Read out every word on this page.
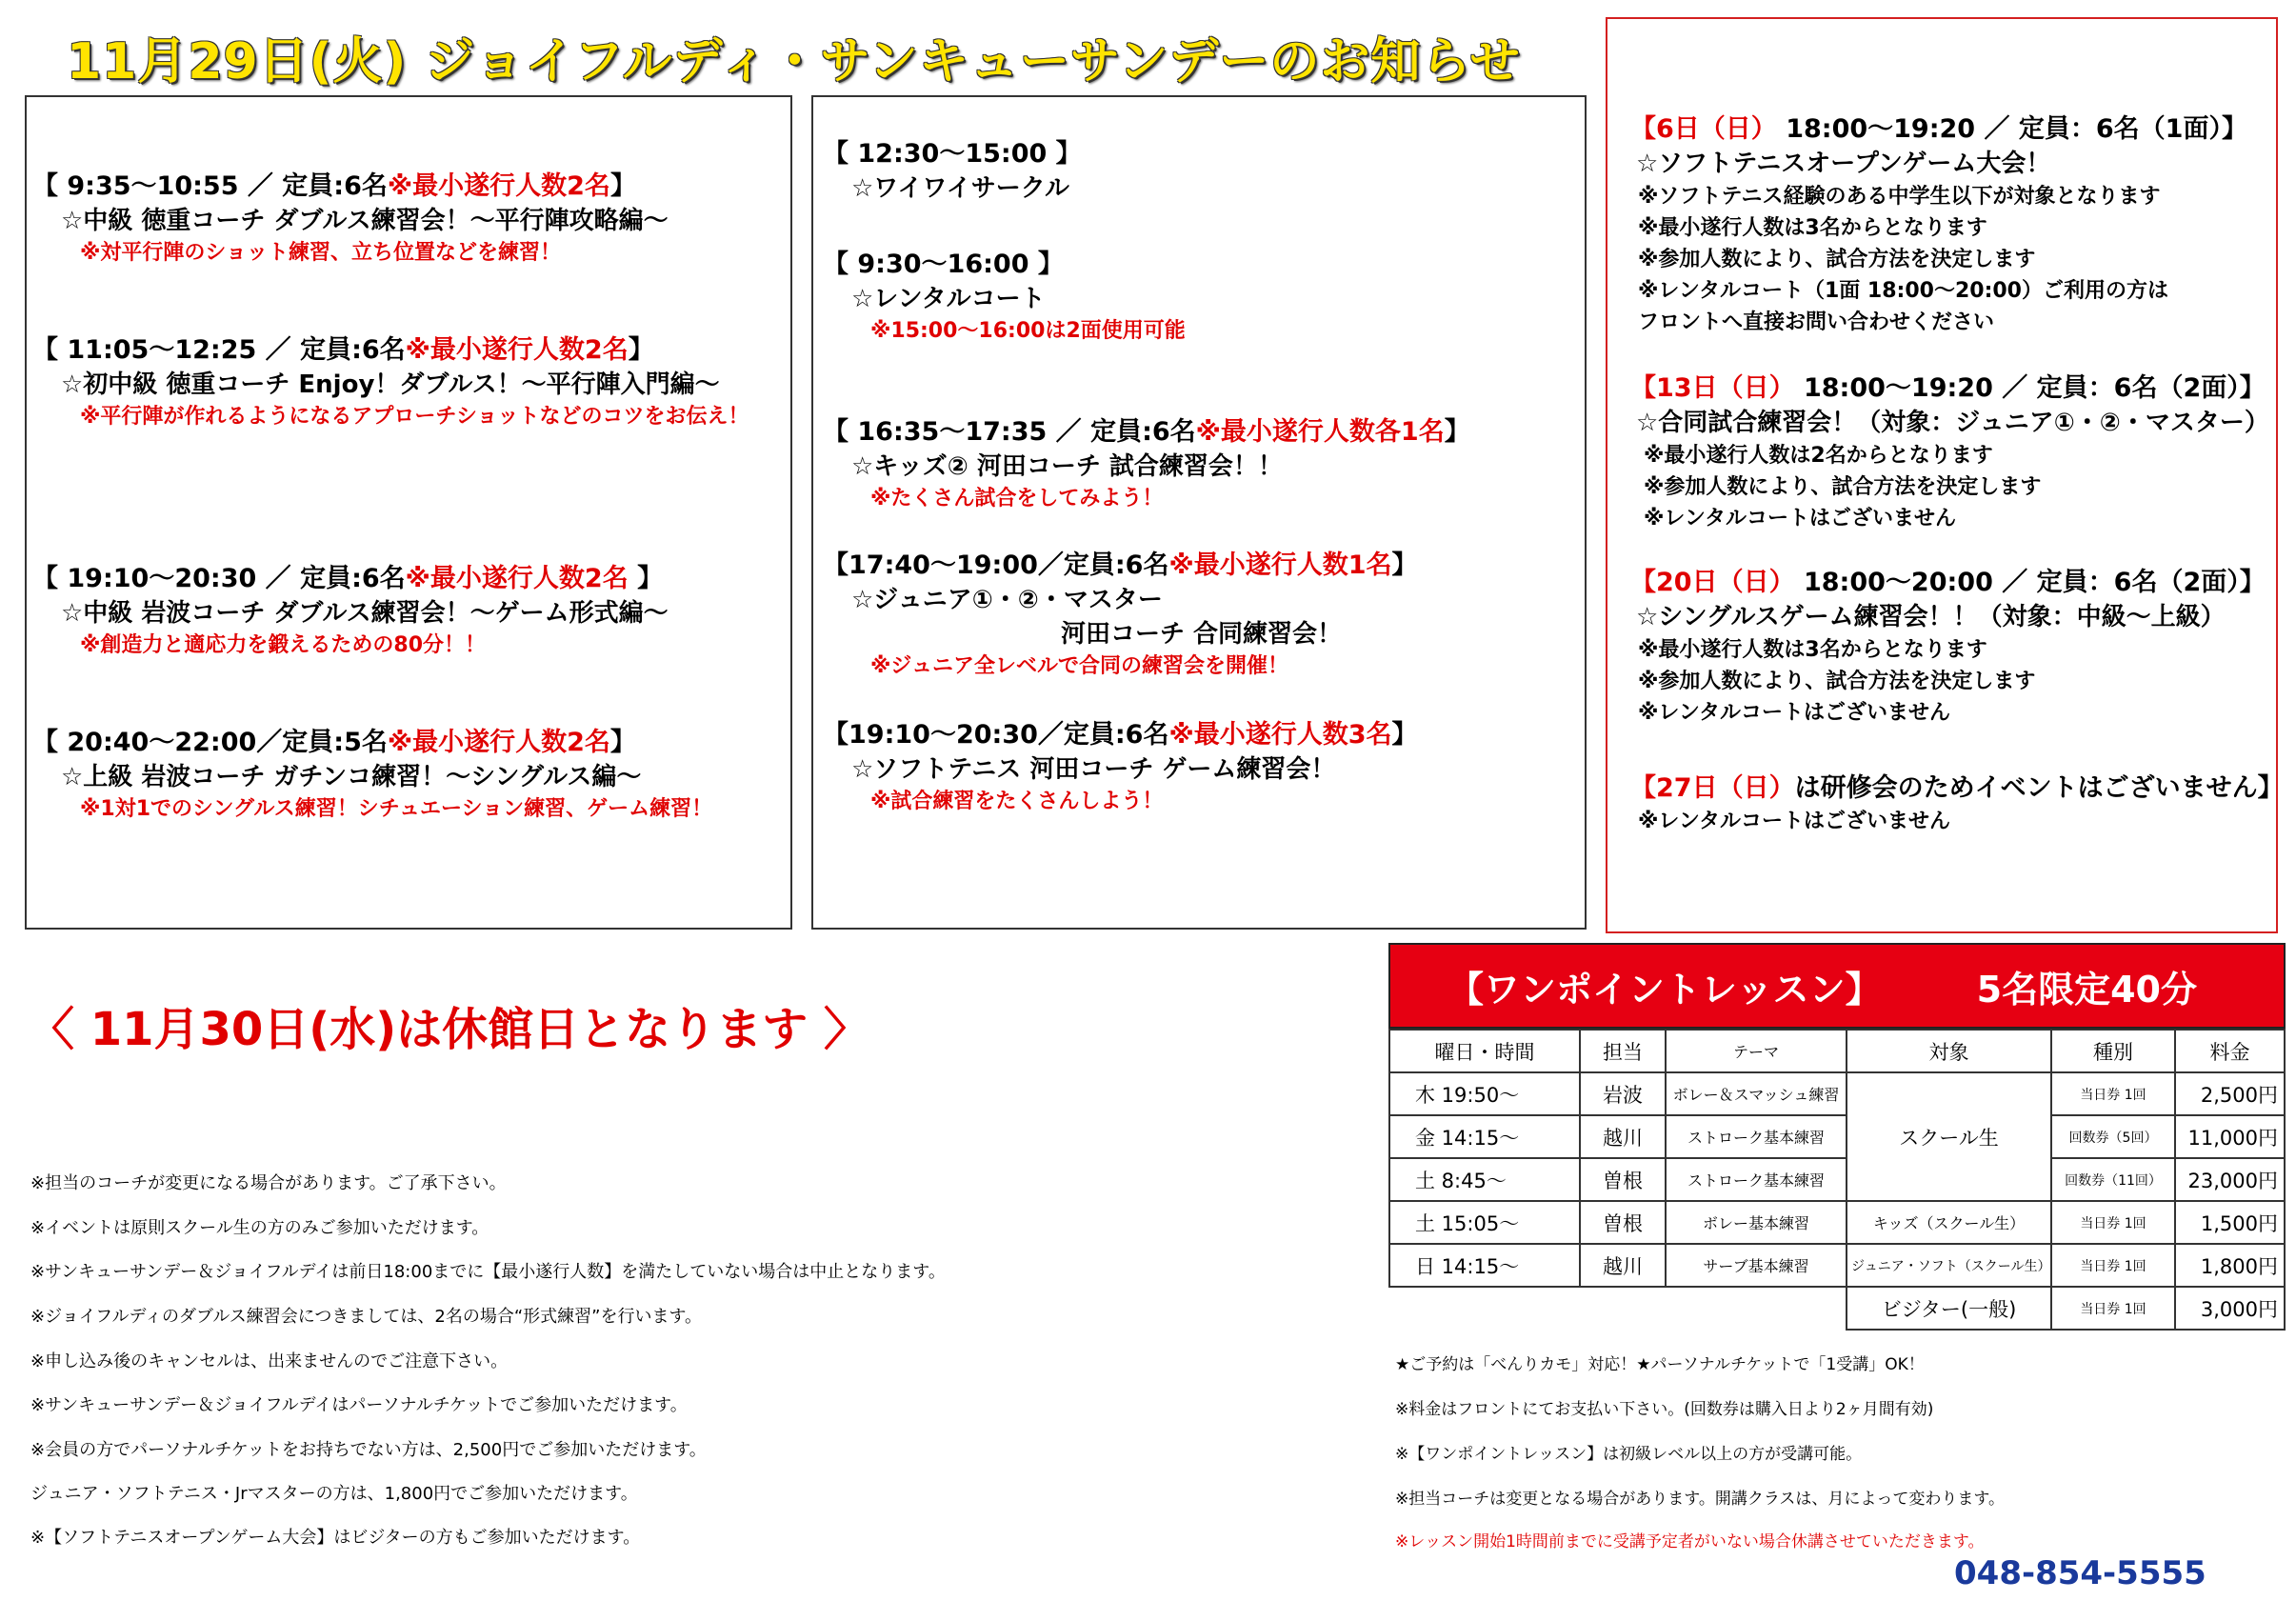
11月29日(火) ジョイフルディ・サンキューサンデーのお知らせ
【 9:35～10:55 ／ 定員:6名※最小遂行人数2名】
☆中級 徳重コーチ ダブルス練習会！～平行陣攻略編～
※対平行陣のショット練習、立ち位置などを練習！
【 11:05～12:25 ／ 定員:6名※最小遂行人数2名】
☆初中級 徳重コーチ Enjoy！ダブルス！～平行陣入門編～
※平行陣が作れるようになるアプローチショットなどのコツをお伝え！
【 19:10～20:30 ／ 定員:6名※最小遂行人数2名 】
☆中級 岩波コーチ ダブルス練習会！～ゲーム形式編～
※創造力と適応力を鍛えるための80分！！
【 20:40～22:00／定員:5名※最小遂行人数2名】
☆上級 岩波コーチ ガチンコ練習！～シングルス編～
※1対1でのシングルス練習！シチュエーション練習、ゲーム練習！
【 12:30～15:00 】
☆ワイワイサークル
【 9:30～16:00 】
☆レンタルコート
※15:00～16:00は2面使用可能
【 16:35～17:35 ／ 定員:6名※最小遂行人数各1名】
☆キッズ② 河田コーチ 試合練習会！！
※たくさん試合をしてみよう！
【17:40～19:00／定員:6名※最小遂行人数1名】
☆ジュニア①・②・マスター
河田コーチ 合同練習会！
※ジュニア全レベルで合同の練習会を開催！
【19:10～20:30／定員:6名※最小遂行人数3名】
☆ソフトテニス 河田コーチ ゲーム練習会！
※試合練習をたくさんしよう！
【6日（日） 18:00～19:20 ／ 定員：6名（1面）】
☆ソフトテニスオープンゲーム大会！
※ソフトテニス経験のある中学生以下が対象となります
※最小遂行人数は3名からとなります
※参加人数により、試合方法を決定します
※レンタルコート（1面 18:00～20:00）ご利用の方は
フロントへ直接お問い合わせください
【13日（日） 18:00～19:20 ／ 定員：6名（2面）】
☆合同試合練習会！（対象：ジュニア①・②・マスター）
※最小遂行人数は2名からとなります
※参加人数により、試合方法を決定します
※レンタルコートはございません
【20日（日） 18:00～20:00 ／ 定員：6名（2面）】
☆シングルスゲーム練習会！！（対象：中級～上級）
※最小遂行人数は3名からとなります
※参加人数により、試合方法を決定します
※レンタルコートはございません
【27日（日）は研修会のためイベントはございません】
※レンタルコートはございません
〈 11月30日(水)は休館日となります 〉
※担当のコーチが変更になる場合があります。ご了承下さい。
※イベントは原則スクール生の方のみご参加いただけます。
※サンキューサンデー＆ジョイフルデイは前日18:00までに【最小遂行人数】を満たしていない場合は中止となります。
※ジョイフルディのダブルス練習会につきましては、2名の場合“形式練習”を行います。
※申し込み後のキャンセルは、出来ませんのでご注意下さい。
※サンキューサンデー＆ジョイフルデイはパーソナルチケットでご参加いただけます。
※会員の方でパーソナルチケットをお持ちでない方は、2,500円でご参加いただけます。
ジュニア・ソフトテニス・Jrマスターの方は、1,800円でご参加いただけます。
※【ソフトテニスオープンゲーム大会】はビジターの方もご参加いただけます。
【ワンポイントレッスン】	5名限定40分
曜日・時間	担当	テーマ	対象	種別	料金
木 19:50～	岩波	ボレー＆スマッシュ練習	スクール生	当日券 1回	2,500円
金 14:15～	越川	ストローク基本練習		回数券（5回）	11,000円
土 8:45～	曽根	ストローク基本練習		回数券（11回）	23,000円
土 15:05～	曽根	ボレー基本練習	キッズ（スクール生）	当日券 1回	1,500円
日 14:15～	越川	サーブ基本練習	ジュニア・ソフト（スクール生）	当日券 1回	1,800円
			ビジター(一般)	当日券 1回	3,000円
★ご予約は「べんりカモ」対応！★パーソナルチケットで「1受講」OK！
※料金はフロントにてお支払い下さい。(回数券は購入日より2ヶ月間有効)
※【ワンポイントレッスン】は初級レベル以上の方が受講可能。
※担当コーチは変更となる場合があります。開講クラスは、月によって変わります。
※レッスン開始1時間前までに受講予定者がいない場合休講させていただきます。
048-854-5555
